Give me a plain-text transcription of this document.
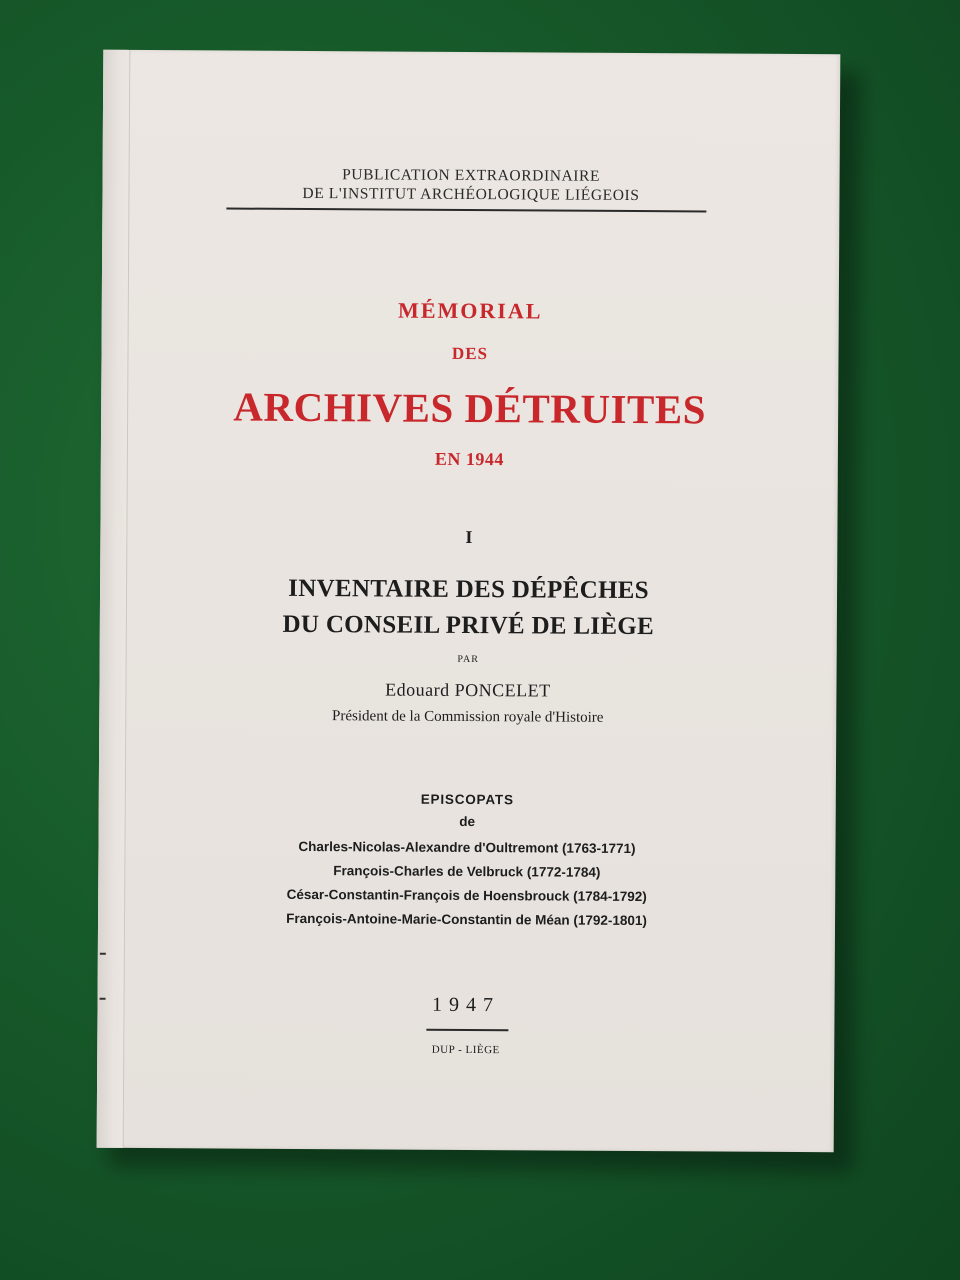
PUBLICATION EXTRAORDINAIRE
DE L'INSTITUT ARCHÉOLOGIQUE LIÉGEOIS
MÉMORIAL
DES
ARCHIVES DÉTRUITES
EN 1944
I
INVENTAIRE DES DÉPÊCHES
DU CONSEIL PRIVÉ DE LIÈGE
PAR
Edouard PONCELET
Président de la Commission royale d'Histoire
EPISCOPATS
de
Charles-Nicolas-Alexandre d'Oultremont (1763-1771)
François-Charles de Velbruck (1772-1784)
César-Constantin-François de Hoensbrouck (1784-1792)
François-Antoine-Marie-Constantin de Méan (1792-1801)
1947
DUP - LIÈGE
